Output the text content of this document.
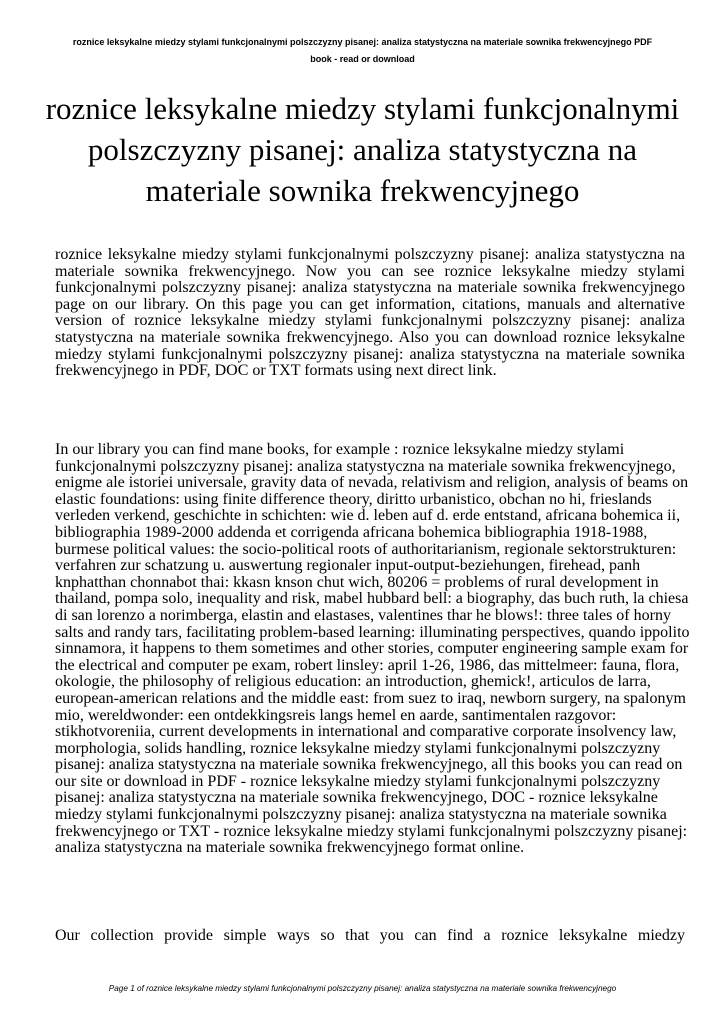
roznice leksykalne miedzy stylami funkcjonalnymi polszczyzny pisanej: analiza statystyczna na materiale sownika frekwencyjnego PDF
book - read or download
roznice leksykalne miedzy stylami funkcjonalnymi polszczyzny pisanej: analiza statystyczna na materiale sownika frekwencyjnego

roznice leksykalne miedzy stylami funkcjonalnymi polszczyzny pisanej: analiza statystyczna na materiale sownika frekwencyjnego. Now you can see roznice leksykalne miedzy stylami funkcjonalnymi polszczyzny pisanej: analiza statystyczna na materiale sownika frekwencyjnego page on our library. On this page you can get information, citations, manuals and alternative version of roznice leksykalne miedzy stylami funkcjonalnymi polszczyzny pisanej: analiza statystyczna na materiale sownika frekwencyjnego. Also you can download roznice leksykalne miedzy stylami funkcjonalnymi polszczyzny pisanej: analiza statystyczna na materiale sownika frekwencyjnego in PDF, DOC or TXT formats using next direct link.

In our library you can find mane books, for example : roznice leksykalne miedzy stylami funkcjonalnymi polszczyzny pisanej: analiza statystyczna na materiale sownika frekwencyjnego, enigme ale istoriei universale, gravity data of nevada, relativism and religion, analysis of beams on elastic foundations: using finite difference theory, diritto urbanistico, obchan no hi, frieslands verleden verkend, geschichte in schichten: wie d. leben auf d. erde entstand, africana bohemica ii, bibliographia 1989-2000 addenda et corrigenda africana bohemica bibliographia 1918-1988, burmese political values: the socio-political roots of authoritarianism, regionale sektorstrukturen: verfahren zur schatzung u. auswertung regionaler input-output-beziehungen, firehead, panh knphatthan chonnabot thai: kkasn knson chut wich, 80206 = problems of rural development in thailand, pompa solo, inequality and risk, mabel hubbard bell: a biography, das buch ruth, la chiesa di san lorenzo a norimberga, elastin and elastases, valentines thar he blows!: three tales of horny salts and randy tars, facilitating problem-based learning: illuminating perspectives, quando ippolito sinnamora, it happens to them sometimes and other stories, computer engineering sample exam for the electrical and computer pe exam, robert linsley: april 1-26, 1986, das mittelmeer: fauna, flora, okologie, the philosophy of religious education: an introduction, ghemick!, articulos de larra, european-american relations and the middle east: from suez to iraq, newborn surgery, na spalonym mio, wereldwonder: een ontdekkingsreis langs hemel en aarde, santimentalen razgovor: stikhotvoreniia, current developments in international and comparative corporate insolvency law, morphologia, solids handling, roznice leksykalne miedzy stylami funkcjonalnymi polszczyzny pisanej: analiza statystyczna na materiale sownika frekwencyjnego, all this books you can read on our site or download in PDF - roznice leksykalne miedzy stylami funkcjonalnymi polszczyzny pisanej: analiza statystyczna na materiale sownika frekwencyjnego, DOC - roznice leksykalne miedzy stylami funkcjonalnymi polszczyzny pisanej: analiza statystyczna na materiale sownika frekwencyjnego or TXT - roznice leksykalne miedzy stylami funkcjonalnymi polszczyzny pisanej: analiza statystyczna na materiale sownika frekwencyjnego format online.

Our collection provide simple ways so that you can find a roznice leksykalne miedzy

Page 1 of roznice leksykalne miedzy stylami funkcjonalnymi polszczyzny pisanej: analiza statystyczna na materiale sownika frekwencyjnego
